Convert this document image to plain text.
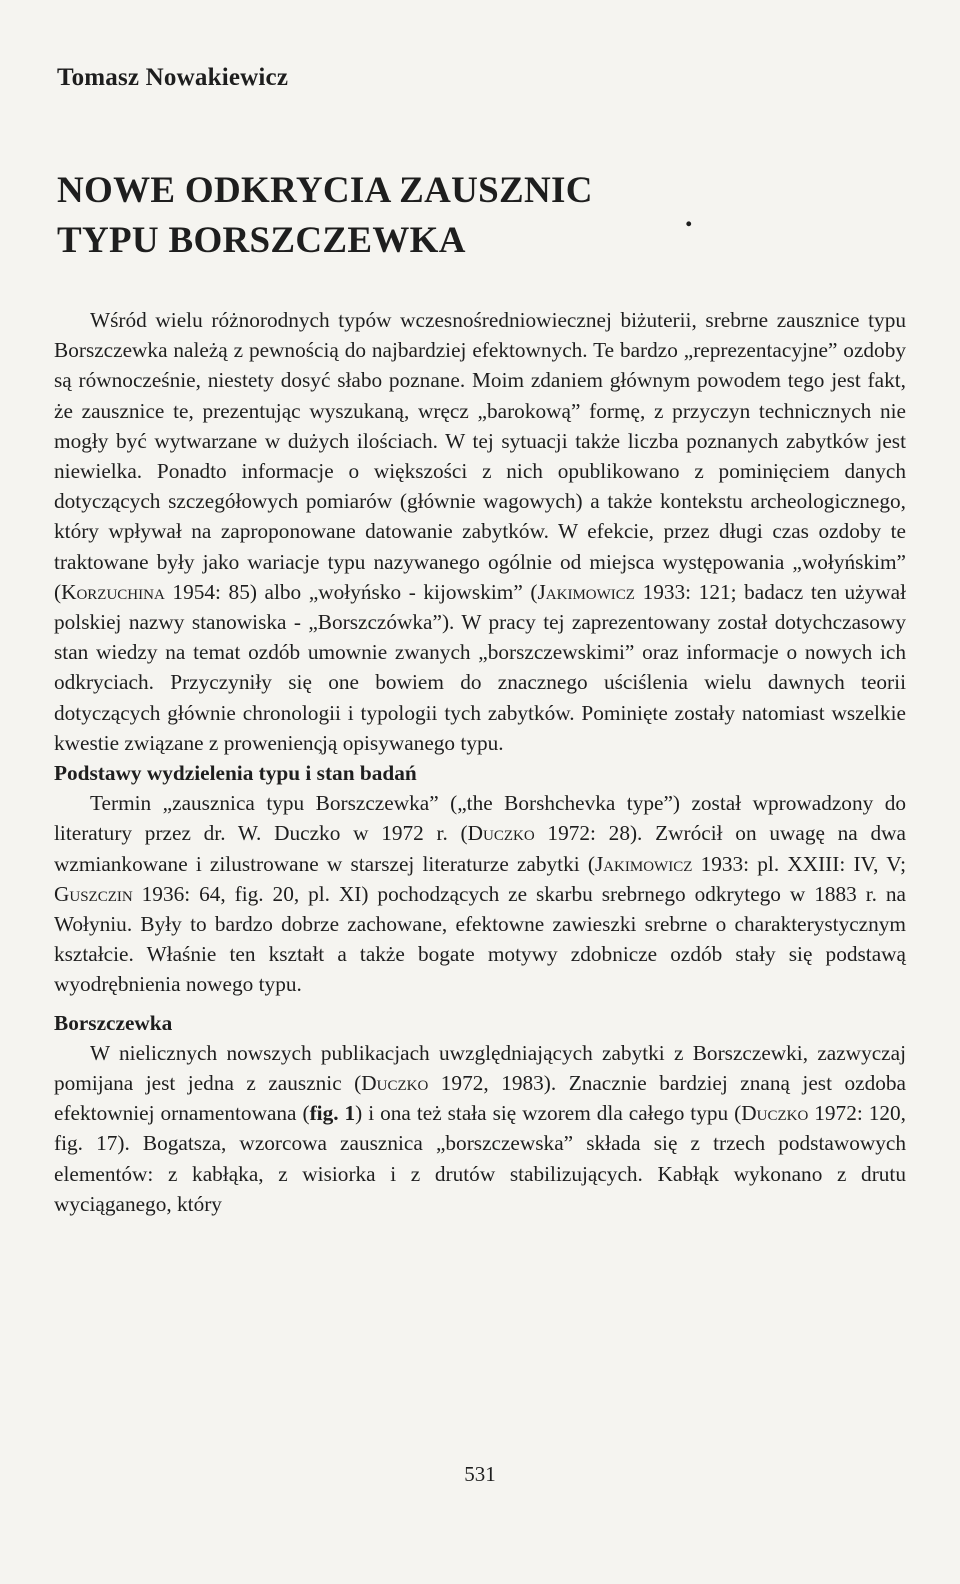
Tomasz Nowakiewicz
NOWE ODKRYCIA ZAUSZNIC
TYPU BORSZCZEWKA
.

Wśród wielu różnorodnych typów wczesnośredniowiecznej biżuterii, srebrne zausznice typu Borszczewka należą z pewnością do najbardziej efektownych. Te bardzo „reprezentacyjne” ozdoby są równocześnie, niestety dosyć słabo poznane. Moim zdaniem głównym powodem tego jest fakt, że zausznice te, prezentując wyszukaną, wręcz „barokową” formę, z przyczyn technicznych nie mogły być wytwarzane w dużych ilościach. W tej sytuacji także liczba poznanych zabytków jest niewielka. Ponadto informacje o większości z nich opublikowano z pominięciem danych dotyczących szczegółowych pomiarów (głównie wagowych) a także kontekstu archeologicznego, który wpływał na zaproponowane datowanie zabytków. W efekcie, przez długi czas ozdoby te traktowane były jako wariacje typu nazywanego ogólnie od miejsca występowania „wołyńskim” (Korzuchina 1954: 85) albo „wołyńsko - kijowskim” (Jakimowicz 1933: 121; badacz ten używał polskiej nazwy stanowiska - „Borszczówka”). W pracy tej zaprezentowany został dotychczasowy stan wiedzy na temat ozdób umownie zwanych „borszczewskimi” oraz informacje o nowych ich odkryciach. Przyczyniły się one bowiem do znacznego uściślenia wielu dawnych teorii dotyczących głównie chronologii i typologii tych zabytków. Pominięte zostały natomiast wszelkie kwestie związane z prowenienςją opisywanego typu.

Podstawy wydzielenia typu i stan badań

Termin „zausznica typu Borszczewka” („the Borshchevka type”) został wprowadzony do literatury przez dr. W. Duczko w 1972 r. (Duczko 1972: 28). Zwrócił on uwagę na dwa wzmiankowane i zilustrowane w starszej literaturze zabytki (Jakimowicz 1933: pl. XXIII: IV, V; Guszczin 1936: 64, fig. 20, pl. XI) pochodzących ze skarbu srebrnego odkrytego w 1883 r. na Wołyniu. Były to bardzo dobrze zachowane, efektowne zawieszki srebrne o charakterystycznym kształcie. Właśnie ten kształt a także bogate motywy zdobnicze ozdób stały się podstawą wyodrębnienia nowego typu.

Borszczewka

W nielicznych nowszych publikacjach uwzględniających zabytki z Borszczewki, zazwyczaj pomijana jest jedna z zausznic (Duczko 1972, 1983). Znacznie bardziej znaną jest ozdoba efektowniej ornamentowana (fig. 1) i ona też stała się wzorem dla całego typu (Duczko 1972: 120, fig. 17). Bogatsza, wzorcowa zausznica „borszczewska” składa się z trzech podstawowych elementów: z kabłąka, z wisiorka i z drutów stabilizujących. Kabłąk wykonano z drutu wyciąganego, który

531
